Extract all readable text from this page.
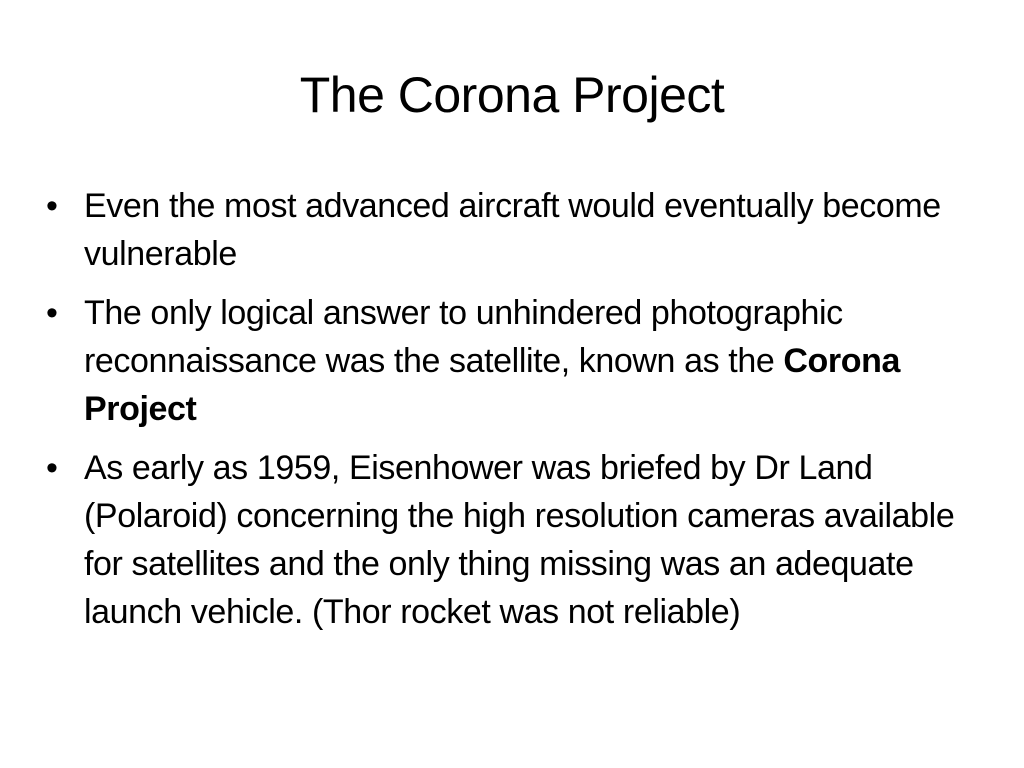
The Corona Project
• Even the most advanced aircraft would eventually become vulnerable
• The only logical answer to unhindered photographic reconnaissance was the satellite, known as the Corona Project
• As early as 1959, Eisenhower was briefed by Dr Land (Polaroid) concerning the high resolution cameras available for satellites and the only thing missing was an adequate launch vehicle. (Thor rocket was not reliable)
